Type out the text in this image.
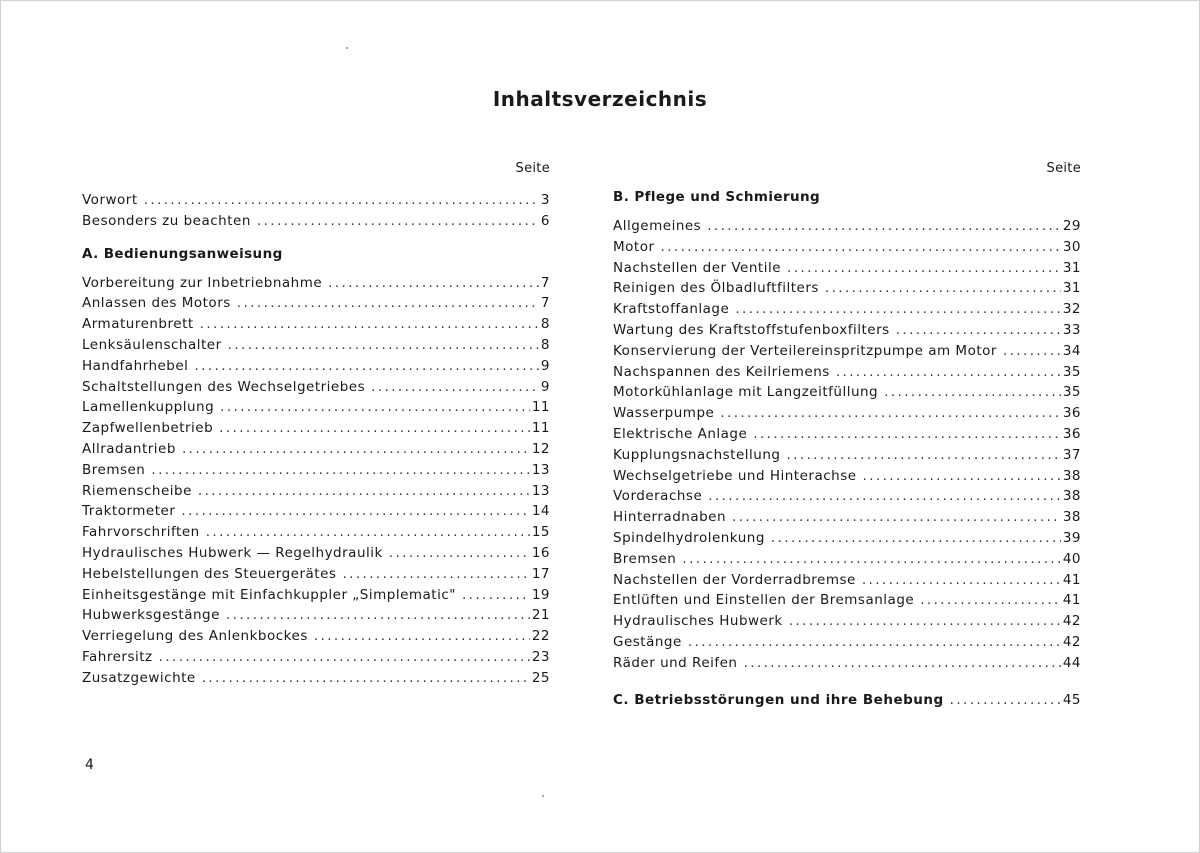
Inhaltsverzeichnis
Seite
Vorwort .....	3
Besonders zu beachten .....	6
A. Bedienungsanweisung
Vorbereitung zur Inbetriebnahme .....	7
Anlassen des Motors .....	7
Armaturenbrett .....	8
Lenksäulenschalter .....	8
Handfahrhebel .....	9
Schaltstellungen des Wechselgetriebes .....	9
Lamellenkupplung .....	11
Zapfwellenbetrieb .....	11
Allradantrieb .....	12
Bremsen .....	13
Riemenscheibe .....	13
Traktormeter .....	14
Fahrvorschriften .....	15
Hydraulisches Hubwerk — Regelhydraulik .....	16
Hebelstellungen des Steuergerätes .....	17
Einheitsgestänge mit Einfachkuppler „Simplematic" .....	19
Hubwerksgestänge .....	21
Verriegelung des Anlenkbockes .....	22
Fahrersitz .....	23
Zusatzgewichte .....	25
Seite
B. Pflege und Schmierung
Allgemeines .....	29
Motor .....	30
Nachstellen der Ventile .....	31
Reinigen des Ölbadluftfilters .....	31
Kraftstoffanlage .....	32
Wartung des Kraftstoffstufenboxfilters .....	33
Konservierung der Verteilereinspritzpumpe am Motor .....	34
Nachspannen des Keilriemens .....	35
Motorkühlanlage mit Langzeitfüllung .....	35
Wasserpumpe .....	36
Elektrische Anlage .....	36
Kupplungsnachstellung .....	37
Wechselgetriebe und Hinterachse .....	38
Vorderachse .....	38
Hinterradnaben .....	38
Spindelhydrolenkung .....	39
Bremsen .....	40
Nachstellen der Vorderradbremse .....	41
Entlüften und Einstellen der Bremsanlage .....	41
Hydraulisches Hubwerk .....	42
Gestänge .....	42
Räder und Reifen .....	44
C. Betriebsstörungen und ihre Behebung .....	45
4
